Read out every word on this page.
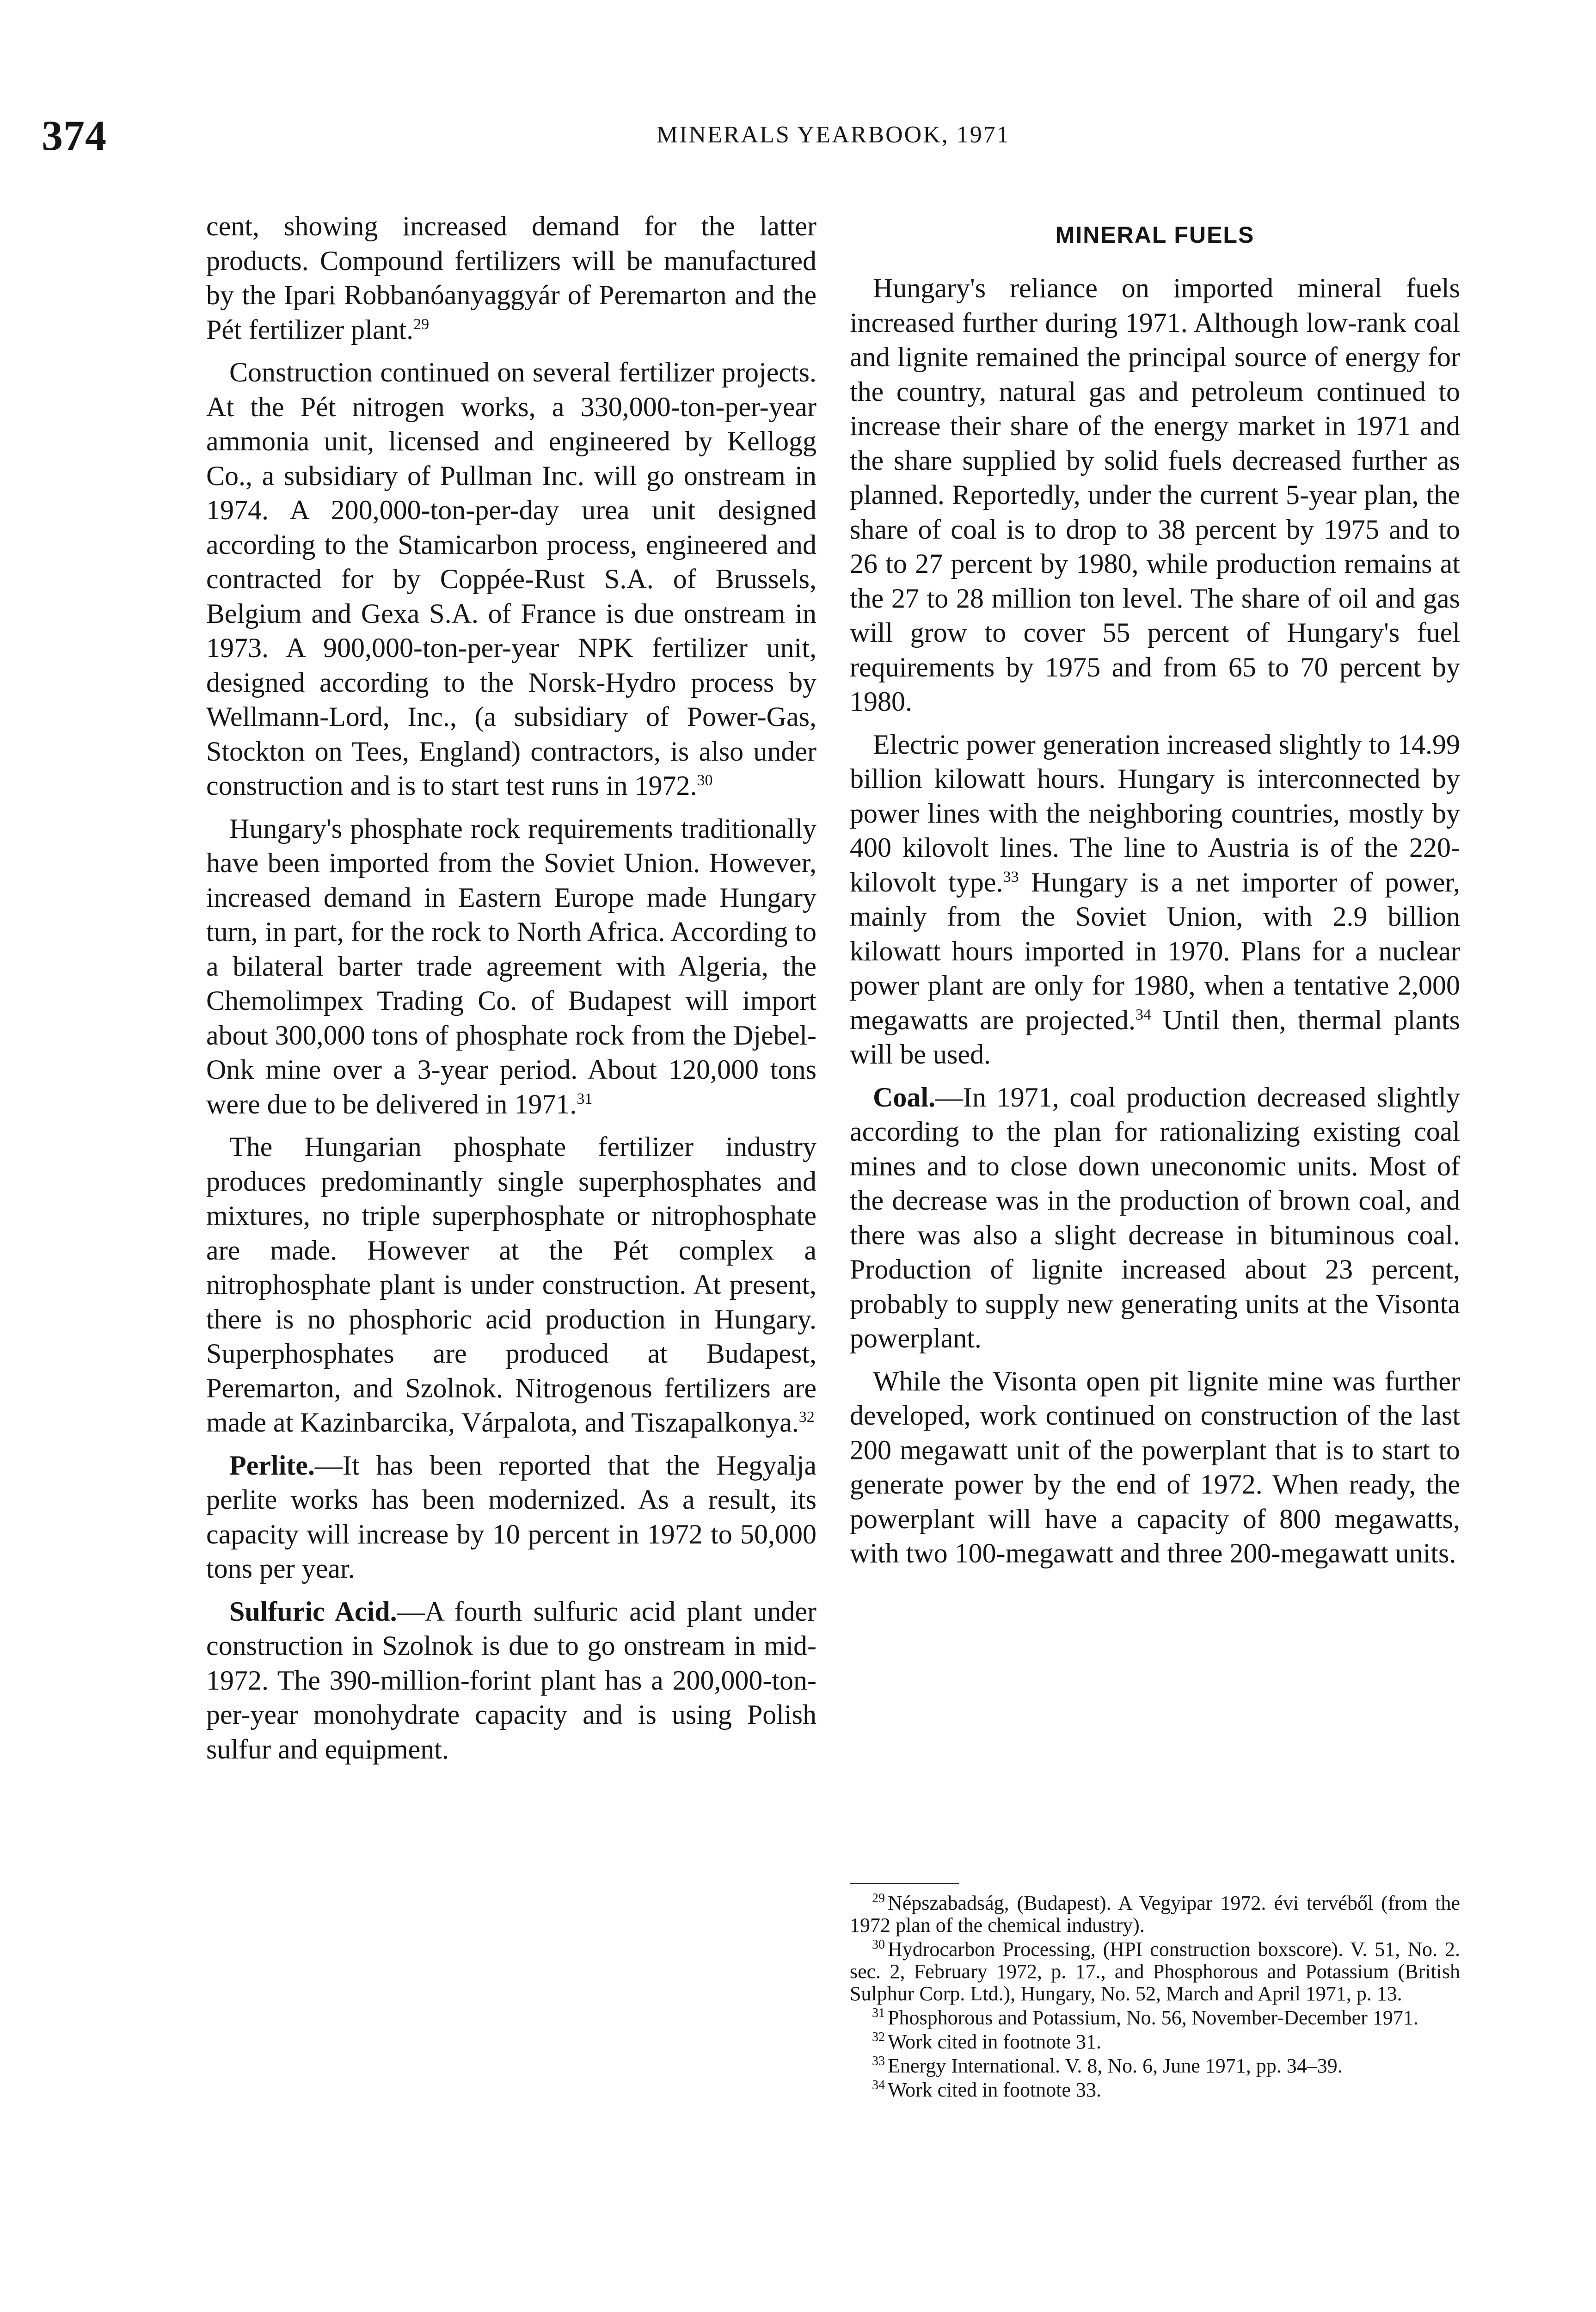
374	MINERALS YEARBOOK, 1971

cent, showing increased demand for the latter products. Compound fertilizers will be manufactured by the Ipari Robbanóanyaggyár of Peremarton and the Pét fertilizer plant.$^{29}$

Construction continued on several fertilizer projects. At the Pét nitrogen works, a 330,000-ton-per-year ammonia unit, licensed and engineered by Kellogg Co., a subsidiary of Pullman Inc. will go onstream in 1974. A 200,000-ton-per-day urea unit designed according to the Stamicarbon process, engineered and contracted for by Coppée-Rust S.A. of Brussels, Belgium and Gexa S.A. of France is due onstream in 1973. A 900,000-ton-per-year NPK fertilizer unit, designed according to the Norsk-Hydro process by Wellmann-Lord, Inc., (a subsidiary of Power-Gas, Stockton on Tees, England) contractors, is also under construction and is to start test runs in 1972.30

Hungary's phosphate rock requirements traditionally have been imported from the Soviet Union. However, increased demand in Eastern Europe made Hungary turn, in part, for the rock to North Africa. According to a bilateral barter trade agreement with Algeria, the Chemolimpex Trading Co. of Budapest will import about 300,000 tons of phosphate rock from the Djebel-Onk mine over a 3-year period. About 120,000 tons were due to be delivered in 1971.31

The Hungarian phosphate fertilizer industry produces predominantly single superphosphates and mixtures, no triple superphosphate or nitrophosphate are made. However at the Pét complex a nitrophosphate plant is under construction. At present, there is no phosphoric acid production in Hungary. Superphosphates are produced at Budapest, Peremarton, and Szolnok. Nitrogenous fertilizers are made at Kazinbarcika, Várpalota, and Tiszapalkonya.$^{32}$

Perlite.—It has been reported that the Hegyalja perlite works has been modernized. As a result, its capacity will increase by 10 percent in 1972 to 50,000 tons per year.

Sulfuric Acid.—A fourth sulfuric acid plant under construction in Szolnok is due to go onstream in mid-1972. The 390-million-forint plant has a 200,000-ton-per-year monohydrate capacity and is using Polish sulfur and equipment.

MINERAL FUELS

Hungary's reliance on imported mineral fuels increased further during 1971. Although low-rank coal and lignite remained the principal source of energy for the country, natural gas and petroleum continued to increase their share of the energy market in 1971 and the share supplied by solid fuels decreased further as planned. Reportedly, under the current 5-year plan, the share of coal is to drop to 38 percent by 1975 and to 26 to 27 percent by 1980, while production remains at the 27 to 28 million ton level. The share of oil and gas will grow to cover 55 percent of Hungary's fuel requirements by 1975 and from 65 to 70 percent by 1980.

Electric power generation increased slightly to 14.99 billion kilowatt hours. Hungary is interconnected by power lines with the neighboring countries, mostly by 400 kilovolt lines. The line to Austria is of the 220-kilovolt type.$^{33}$ Hungary is a net importer of power, mainly from the Soviet Union, with 2.9 billion kilowatt hours imported in 1970. Plans for a nuclear power plant are only for 1980, when a tentative 2,000 megawatts are projected.$^{34}$ Until then, thermal plants will be used.

Coal.—In 1971, coal production decreased slightly according to the plan for rationalizing existing coal mines and to close down uneconomic units. Most of the decrease was in the production of brown coal, and there was also a slight decrease in bituminous coal. Production of lignite increased about 23 percent, probably to supply new generating units at the Visonta powerplant.

While the Visonta open pit lignite mine was further developed, work continued on construction of the last 200 megawatt unit of the powerplant that is to start to generate power by the end of 1972. When ready, the powerplant will have a capacity of 800 megawatts, with two 100-megawatt and three 200-megawatt units.

$^{29}$ Népszabadság, (Budapest). A Vegyipar 1972. évi tervéből (from the 1972 plan of the chemical industry).

$^{30}$ Hydrocarbon Processing, (HPI construction boxscore). V. 51, No. 2. sec. 2, February 1972, p. 17., and Phosphorous and Potassium (British Sulphur Corp. Ltd.), Hungary, No. 52, March and April 1971, p. 13.

$^{31}$ Phosphorous and Potassium, No. 56, November-December 1971.

$^{32}$ Work cited in footnote 31.

$^{33}$ Energy International. V. 8, No. 6, June 1971, pp. 34–39.

$^{34}$ Work cited in footnote 33.
